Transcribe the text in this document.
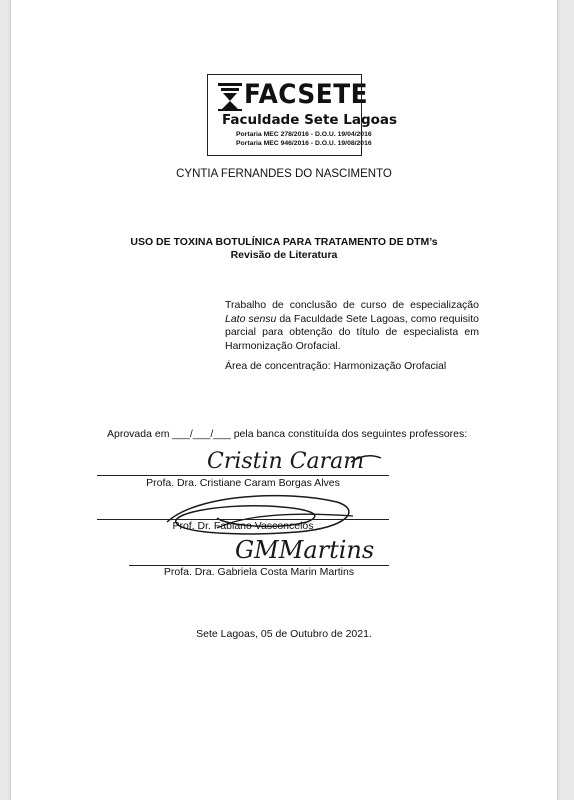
FACSETE
Faculdade Sete Lagoas
Portaria MEC 278/2016 - D.O.U. 19/04/2016
Portaria MEC 946/2016 - D.O.U. 19/08/2016
CYNTIA FERNANDES DO NASCIMENTO
USO DE TOXINA BOTULÍNICA PARA TRATAMENTO DE DTM’s
Revisão de Literatura
Trabalho de conclusão de curso de especialização Lato sensu da Faculdade Sete Lagoas, como requisito parcial para obtenção do título de especialista em Harmonização Orofacial.
Área de concentração: Harmonização Orofacial
Aprovada em ___/___/___ pela banca constituída dos seguintes professores:
Cristin Caram
Profa. Dra. Cristiane Caram Borgas Alves
Prof. Dr. Fabiano Vasconcelos
GMMartins
Profa. Dra. Gabriela Costa Marin Martins
Sete Lagoas, 05 de Outubro de 2021.
